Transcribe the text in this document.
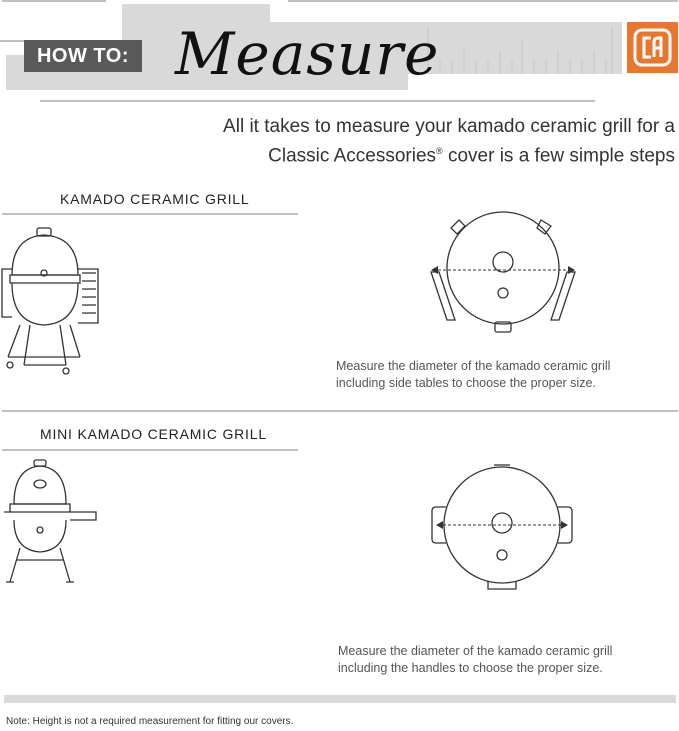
HOW TO: Measure
All it takes to measure your kamado ceramic grill for a
Classic Accessories® cover is a few simple steps
KAMADO CERAMIC GRILL
Measure the diameter of the kamado ceramic grill
including side tables to choose the proper size.
MINI KAMADO CERAMIC GRILL
Measure the diameter of the kamado ceramic grill
including the handles to choose the proper size.
Note: Height is not a required measurement for fitting our covers.
